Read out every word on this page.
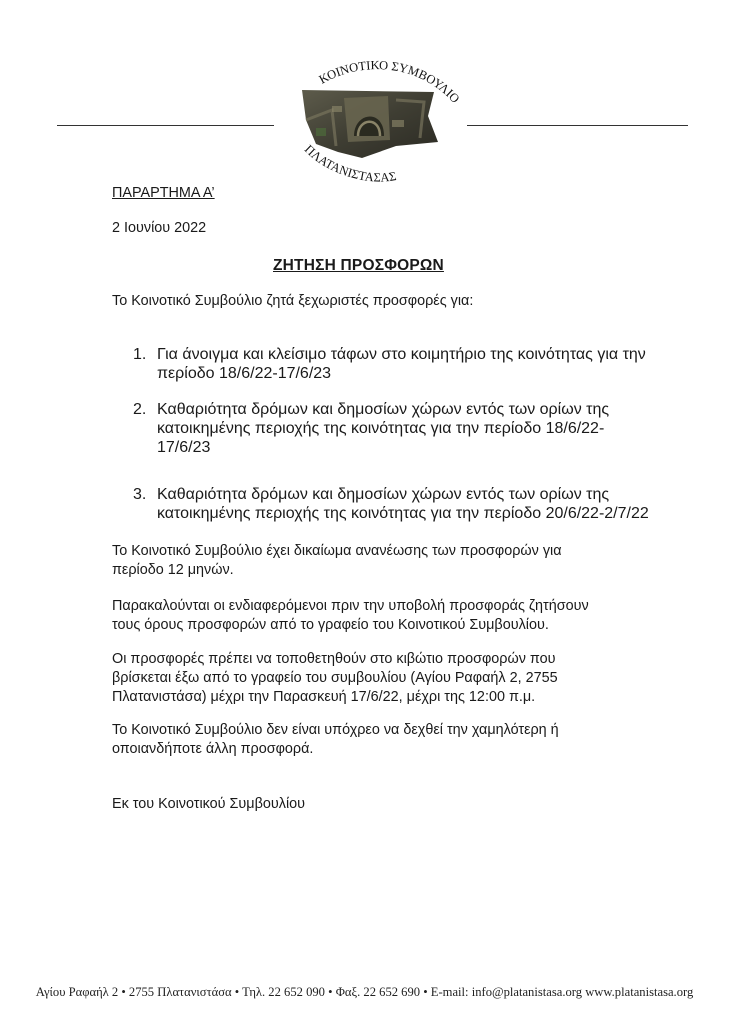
ΚΟΙΝΟΤΙΚΟ ΣΥΜΒΟΥΛΙΟ
ΠΛΑΤΑΝΙΣΤΑΣΑΣ
ΠΑΡΑΡΤΗΜΑ Α’
2 Ιουνίου 2022
ΖΗΤΗΣΗ ΠΡΟΣΦΟΡΩΝ
Το Κοινοτικό Συμβούλιο ζητά ξεχωριστές προσφορές για:
1. Για άνοιγμα και κλείσιμο τάφων στο κοιμητήριο της κοινότητας για την
περίοδο 18/6/22-17/6/23
2. Καθαριότητα δρόμων και δημοσίων χώρων εντός των ορίων της
κατοικημένης περιοχής της κοινότητας για την περίοδο 18/6/22-
17/6/23
3. Καθαριότητα δρόμων και δημοσίων χώρων εντός των ορίων της
κατοικημένης περιοχής της κοινότητας για την περίοδο 20/6/22-2/7/22
Το Κοινοτικό Συμβούλιο έχει δικαίωμα ανανέωσης των προσφορών για
περίοδο 12 μηνών.
Παρακαλούνται οι ενδιαφερόμενοι πριν την υποβολή προσφοράς ζητήσουν
τους όρους προσφορών από το γραφείο του Κοινοτικού Συμβουλίου.
Οι προσφορές πρέπει να τοποθετηθούν στο κιβώτιο προσφορών που
βρίσκεται έξω από το γραφείο του συμβουλίου (Αγίου Ραφαήλ 2, 2755
Πλατανιστάσα) μέχρι την Παρασκευή 17/6/22, μέχρι της 12:00 π.μ.
Το Κοινοτικό Συμβούλιο δεν είναι υπόχρεο να δεχθεί την χαμηλότερη ή
οποιανδήποτε άλλη προσφορά.
Εκ του Κοινοτικού Συμβουλίου
Αγίου Ραφαήλ 2 • 2755 Πλατανιστάσα • Τηλ. 22 652 090 • Φαξ. 22 652 690 • E-mail: info@platanistasa.org www.platanistasa.org
